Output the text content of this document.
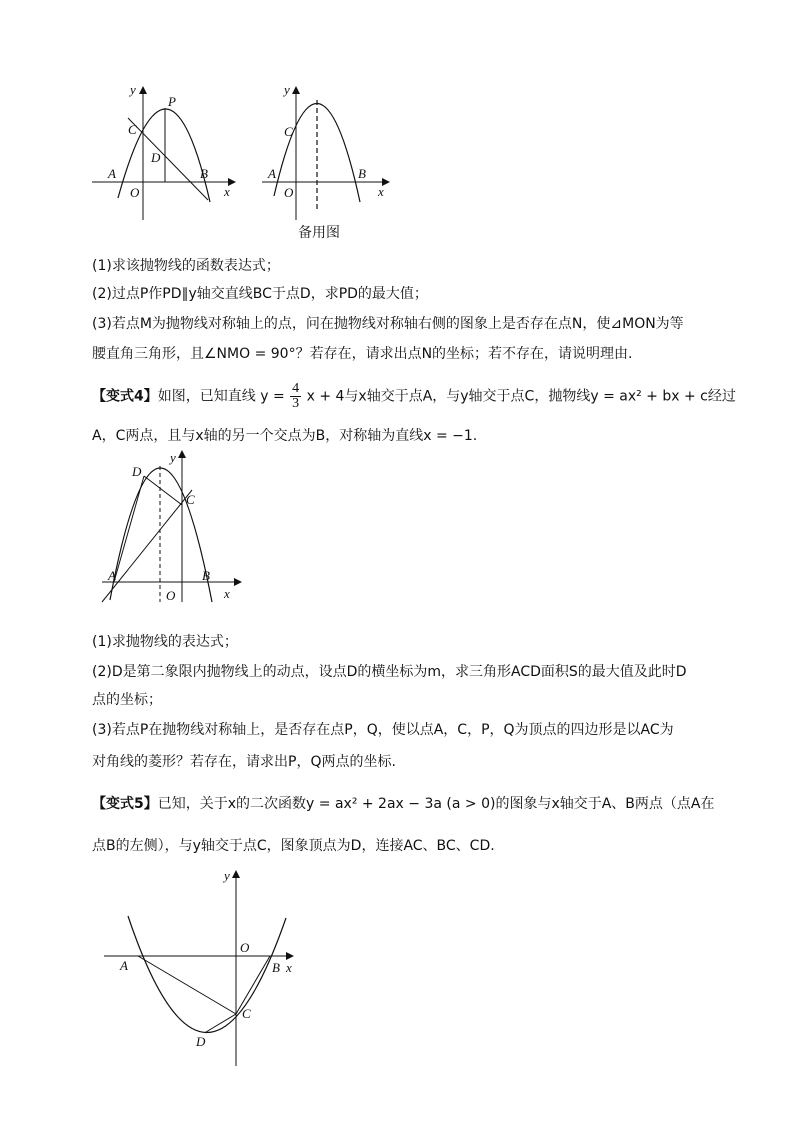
y
P
C
D
A
O
B
x
y
C
A
O
B
x
备用图
(1)求该抛物线的函数表达式；
(2)过点P作PD∥y轴交直线BC于点D，求PD的最大值；
(3)若点M为抛物线对称轴上的点，问在抛物线对称轴右侧的图象上是否存在点N，使⊿MON为等
腰直角三角形，且∠NMO = 90°？若存在，请求出点N的坐标；若不存在，请说明理由.
【变式4】如图，已知直线 $y = \frac{4}{3}$ x + 4与x轴交于点A，与y轴交于点C，抛物线y = ax² + bx + c经过
A，C两点，且与x轴的另一个交点为B，对称轴为直线x = −1.
D
y
C
A	B
O	x
(1)求抛物线的表达式；
(2)D是第二象限内抛物线上的动点，设点D的横坐标为m，求三角形ACD面积S的最大值及此时D
点的坐标；
(3)若点P在抛物线对称轴上，是否存在点P，Q，使以点A，C，P，Q为顶点的四边形是以AC为
对角线的菱形？若存在，请求出P，Q两点的坐标.
【变式5】已知，关于x的二次函数y = ax² + 2ax − 3a (a > 0)的图象与x轴交于A、B两点（点A在
点B的左侧），与y轴交于点C，图象顶点为D，连接AC、BC、CD.
y
O
A	B x
C
D
